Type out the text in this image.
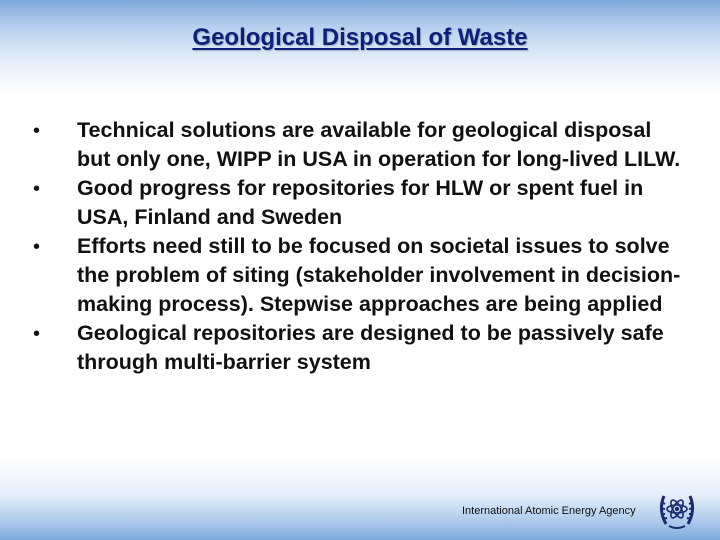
Geological Disposal of Waste
• Technical solutions are available for geological disposal but only one, WIPP in USA in operation for long-lived LILW.
• Good progress for repositories for HLW or spent fuel in USA, Finland and Sweden
• Efforts need still to be focused on societal issues to solve the problem of siting (stakeholder involvement in decision-making process). Stepwise approaches are being applied
• Geological repositories are designed to be passively safe through multi-barrier system
International Atomic Energy Agency
